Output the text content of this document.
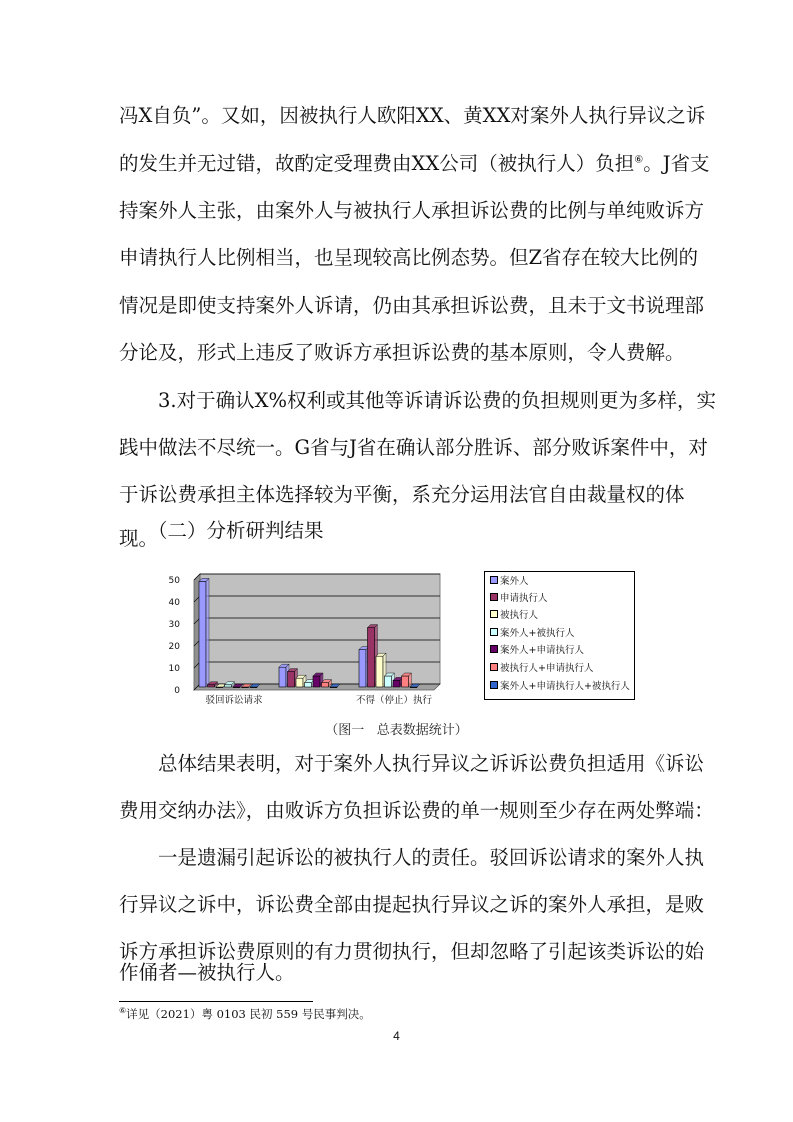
冯X自负”。又如，因被执行人欧阳XX、黄XX对案外人执行异议之诉
的发生并无过错，故酌定受理费由XX公司（被执行人）负担⑥。J省支
持案外人主张，由案外人与被执行人承担诉讼费的比例与单纯败诉方
申请执行人比例相当，也呈现较高比例态势。但Z省存在较大比例的
情况是即使支持案外人诉请，仍由其承担诉讼费，且未于文书说理部
分论及，形式上违反了败诉方承担诉讼费的基本原则，令人费解。
3.对于确认X%权利或其他等诉请诉讼费的负担规则更为多样，实
践中做法不尽统一。G省与J省在确认部分胜诉、部分败诉案件中，对
于诉讼费承担主体选择较为平衡，系充分运用法官自由裁量权的体
现。
（二）分析研判结果
0
10
20
30
40
50
驳回诉讼请求	不得（停止）执行
案外人
申请执行人
被执行人
案外人+被执行人
案外人+申请执行人
被执行人+申请执行人
案外人+申请执行人+被执行人
（图一   总表数据统计）
总体结果表明，对于案外人执行异议之诉诉讼费负担适用《诉讼
费用交纳办法》，由败诉方负担诉讼费的单一规则至少存在两处弊端：
一是遗漏引起诉讼的被执行人的责任。驳回诉讼请求的案外人执
行异议之诉中，诉讼费全部由提起执行异议之诉的案外人承担，是败
诉方承担诉讼费原则的有力贯彻执行，但却忽略了引起该类诉讼的始
作俑者—被执行人。
⑥详见（2021）粤 0103 民初 559 号民事判决。
4
